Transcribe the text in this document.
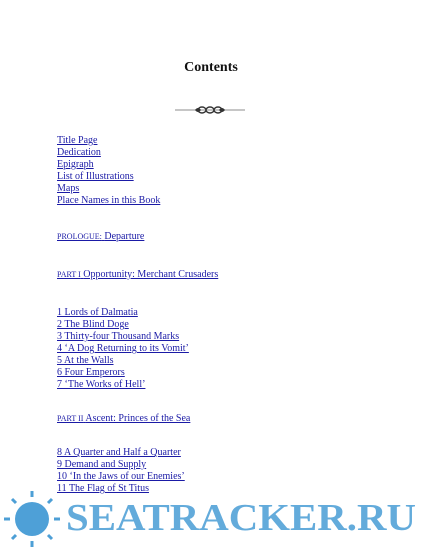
Contents
Title Page
Dedication
Epigraph
List of Illustrations
Maps
Place Names in this Book
PROLOGUE: Departure
PART I Opportunity: Merchant Crusaders
1 Lords of Dalmatia
2 The Blind Doge
3 Thirty-four Thousand Marks
4 ‘A Dog Returning to its Vomit’
5 At the Walls
6 Four Emperors
7 ‘The Works of Hell’
PART II Ascent: Princes of the Sea
8 A Quarter and Half a Quarter
9 Demand and Supply
10 ‘In the Jaws of our Enemies’
11 The Flag of St Titus
SEATRACKER.RU
